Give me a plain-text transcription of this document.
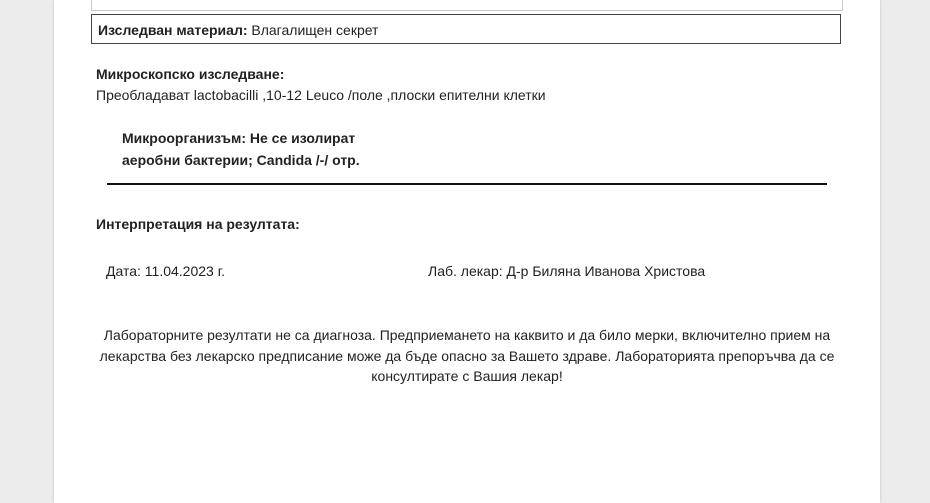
Изследван материал: Влагалищен секрет
Микроскопско изследване:
Преобладават lactobacilli ,10-12 Leuco /поле ,плоски епителни клетки
Микроорганизъм: Не се изолират
аеробни бактерии; Candida /-/ отр.
Интерпретация на резултата:
Дата: 11.04.2023 г.	Лаб. лекар: Д-р Биляна Иванова Христова
Лабораторните резултати не са диагноза. Предприемането на каквито и да било мерки, включително прием на лекарства без лекарско предписание може да бъде опасно за Вашето здраве. Лабораторията препоръчва да се консултирате с Вашия лекар!
